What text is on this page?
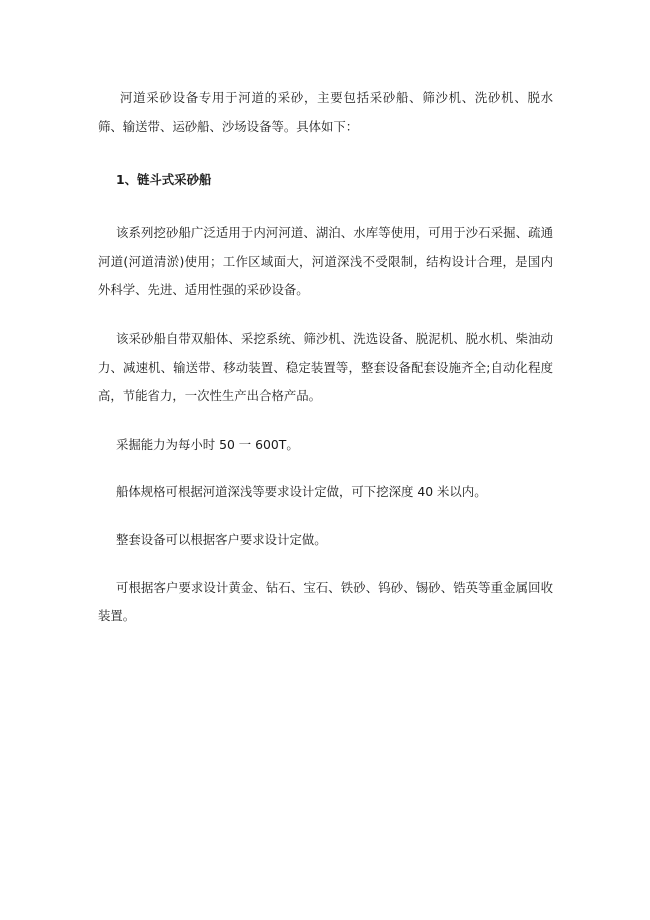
河道采砂设备专用于河道的采砂，主要包括采砂船、筛沙机、洗砂机、脱水筛、输送带、运砂船、沙场设备等。具体如下：

1、链斗式采砂船

该系列挖砂船广泛适用于内河河道、湖泊、水库等使用，可用于沙石采掘、疏通河道(河道清淤)使用；工作区域面大，河道深浅不受限制，结构设计合理，是国内外科学、先进、适用性强的采砂设备。

该采砂船自带双船体、采挖系统、筛沙机、洗选设备、脱泥机、脱水机、柴油动力、减速机、输送带、移动装置、稳定装置等，整套设备配套设施齐全;自动化程度高，节能省力，一次性生产出合格产品。

采掘能力为每小时 50 一 600T。

船体规格可根据河道深浅等要求设计定做，可下挖深度 40 米以内。

整套设备可以根据客户要求设计定做。

可根据客户要求设计黄金、钻石、宝石、铁砂、钨砂、锡砂、锆英等重金属回收装置。
